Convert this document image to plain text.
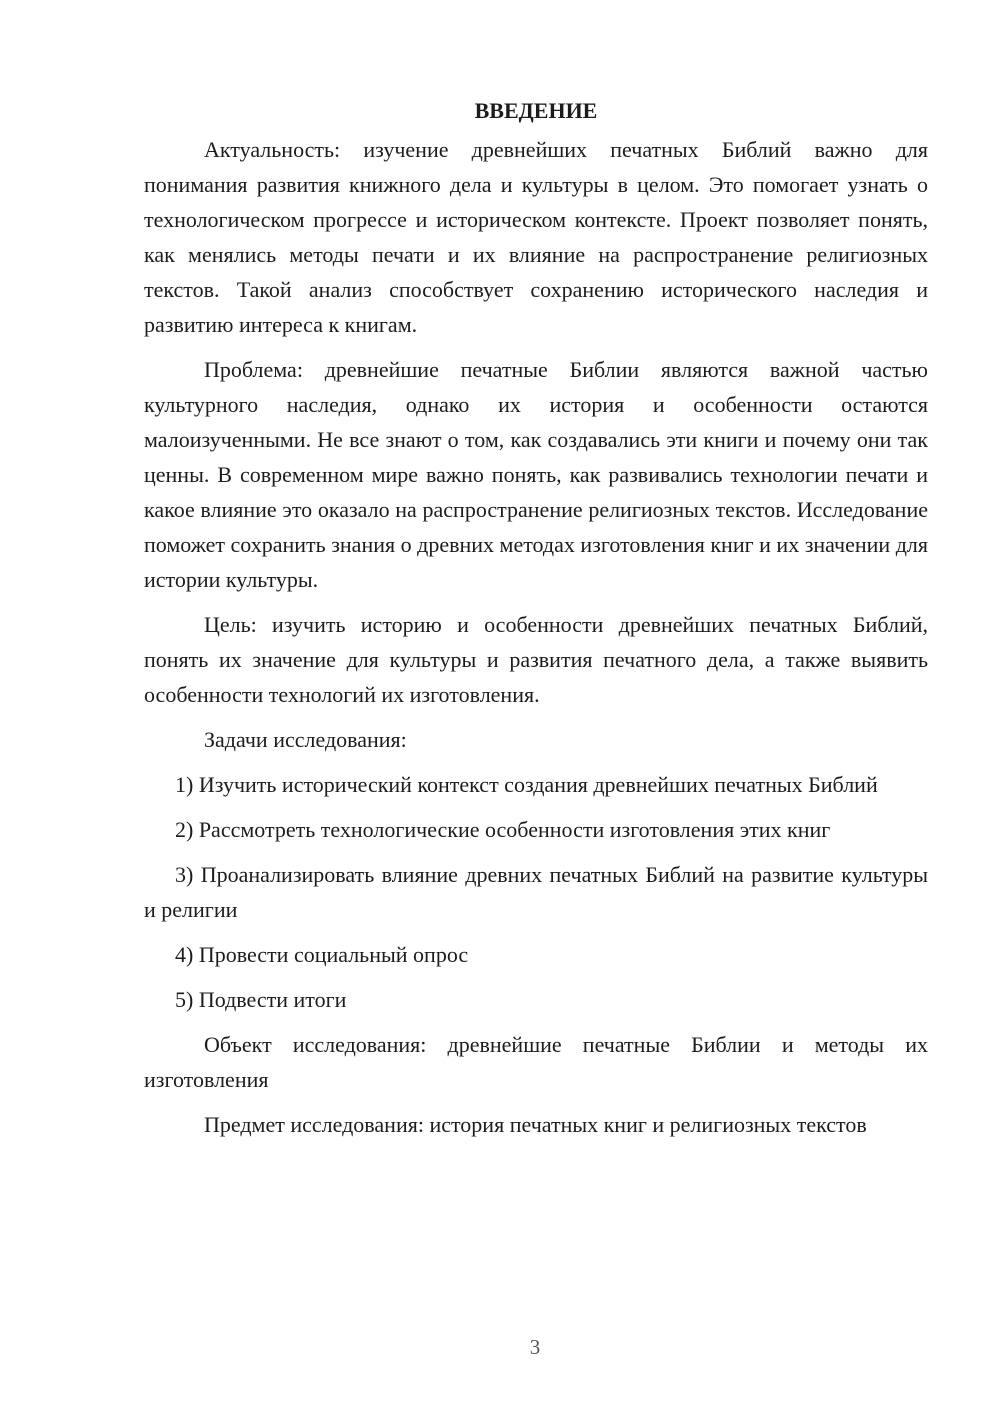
ВВЕДЕНИЕ

Актуальность: изучение древнейших печатных Библий важно для понимания развития книжного дела и культуры в целом. Это помогает узнать о технологическом прогрессе и историческом контексте. Проект позволяет понять, как менялись методы печати и их влияние на распространение религиозных текстов. Такой анализ способствует сохранению исторического наследия и развитию интереса к книгам.

Проблема: древнейшие печатные Библии являются важной частью культурного наследия, однако их история и особенности остаются малоизученными. Не все знают о том, как создавались эти книги и почему они так ценны. В современном мире важно понять, как развивались технологии печати и какое влияние это оказало на распространение религиозных текстов. Исследование поможет сохранить знания о древних методах изготовления книг и их значении для истории культуры.

Цель: изучить историю и особенности древнейших печатных Библий, понять их значение для культуры и развития печатного дела, а также выявить особенности технологий их изготовления.

Задачи исследования:

1) Изучить исторический контекст создания древнейших печатных Библий

2) Рассмотреть технологические особенности изготовления этих книг

3) Проанализировать влияние древних печатных Библий на развитие культуры и религии

4) Провести социальный опрос

5) Подвести итоги

Объект исследования: древнейшие печатные Библии и методы их изготовления

Предмет исследования: история печатных книг и религиозных текстов

3
